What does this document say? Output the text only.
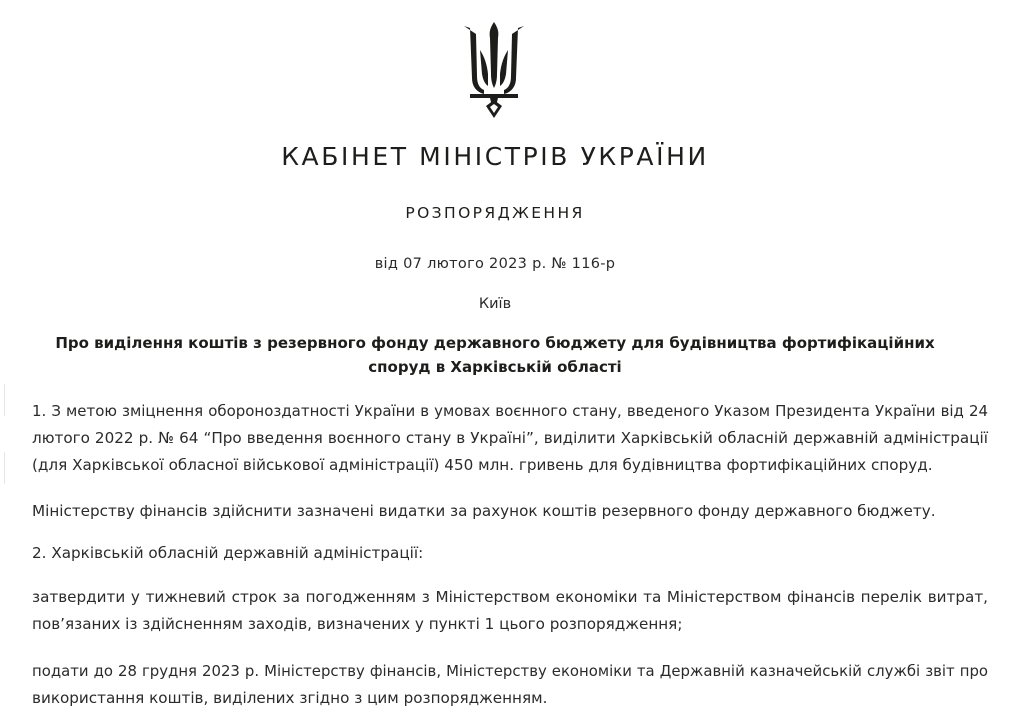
КАБІНЕТ МІНІСТРІВ УКРАЇНИ
РОЗПОРЯДЖЕННЯ
від 07 лютого 2023 р. № 116-р
Київ
Про виділення коштів з резервного фонду державного бюджету для будівництва фортифікаційних
споруд в Харківській області
1. З метою зміцнення обороноздатності України в умовах воєнного стану, введеного Указом Президента України від 24
лютого 2022 р. № 64 “Про введення воєнного стану в Україні”, виділити Харківській обласній державній адміністрації
(для Харківської обласної військової адміністрації) 450 млн. гривень для будівництва фортифікаційних споруд.
Міністерству фінансів здійснити зазначені видатки за рахунок коштів резервного фонду державного бюджету.
2. Харківській обласній державній адміністрації:
затвердити у тижневий строк за погодженням з Міністерством економіки та Міністерством фінансів перелік витрат,
пов’язаних із здійсненням заходів, визначених у пункті 1 цього розпорядження;
подати до 28 грудня 2023 р. Міністерству фінансів, Міністерству економіки та Державній казначейській службі звіт про
використання коштів, виділених згідно з цим розпорядженням.
